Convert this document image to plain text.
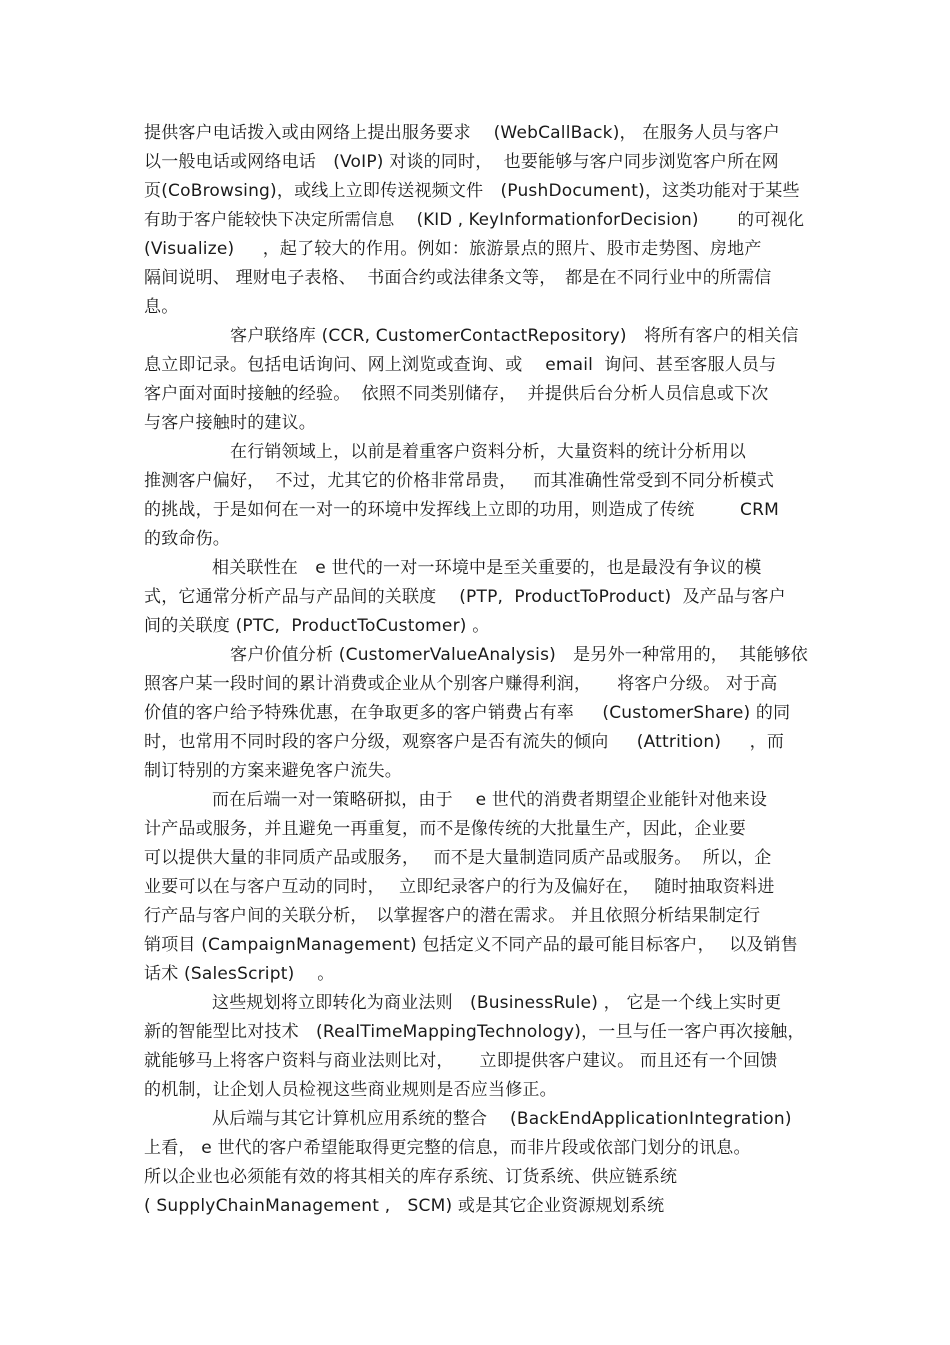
提供客户电话拨入或由网络上提出服务要求　 (WebCallBack)， 在服务人员与客户
以一般电话或网络电话　(VoIP) 对谈的同时，  也要能够与客户同步浏览客户所在网
页(CoBrowsing)，或线上立即传送视频文件　(PushDocument)，这类功能对于某些
有助于客户能较快下决定所需信息　 (KID , KeyInformationforDecision)　　 的可视化
(Visualize)　  ，起了较大的作用。例如：旅游景点的照片、股市走势图、房地产
隔间说明、 理财电子表格、  书面合约或法律条文等，　都是在不同行业中的所需信
息。
客户联络库 (CCR, CustomerContactRepository)　将所有客户的相关信
息立即记录。包括电话询问、网上浏览或查询、或　 email  询问、甚至客服人员与
客户面对面时接触的经验。  依照不同类别储存，  并提供后台分析人员信息或下次
与客户接触时的建议。
在行销领域上，以前是着重客户资料分析，大量资料的统计分析用以
推测客户偏好，  不过，尤其它的价格非常昂贵，   而其准确性常受到不同分析模式
的挑战，于是如何在一对一的环境中发挥线上立即的功用，则造成了传统　　  CRM
的致命伤。
相关联性在　e 世代的一对一环境中是至关重要的，也是最没有争议的模
式，它通常分析产品与产品间的关联度　 (PTP,  ProductToProduct)  及产品与客户
间的关联度 (PTC,  ProductToCustomer) 。
客户价值分析 (CustomerValueAnalysis)　是另外一种常用的，  其能够依
照客户某一段时间的累计消费或企业从个别客户赚得利润，　　将客户分级。 对于高
价值的客户给予特殊优惠，在争取更多的客户销费占有率　  (CustomerShare) 的同
时，也常用不同时段的客户分级，观察客户是否有流失的倾向　  (Attrition)　  ，而
制订特别的方案来避免客户流失。
而在后端一对一策略研拟，由于　 e 世代的消费者期望企业能针对他来设
计产品或服务，并且避免一再重复，而不是像传统的大批量生产，因此，企业要
可以提供大量的非同质产品或服务，　 而不是大量制造同质产品或服务。  所以，企
业要可以在与客户互动的同时，　 立即纪录客户的行为及偏好在，　 随时抽取资料进
行产品与客户间的关联分析，　以掌握客户的潜在需求。 并且依照分析结果制定行
销项目 (CampaignManagement) 包括定义不同产品的最可能目标客户，　 以及销售
话术 (SalesScript)　 。
这些规划将立即转化为商业法则　(BusinessRule) ， 它是一个线上实时更
新的智能型比对技术　(RealTimeMappingTechnology)，一旦与任一客户再次接触，
就能够马上将客户资料与商业法则比对，　　立即提供客户建议。 而且还有一个回馈
的机制，让企划人员检视这些商业规则是否应当修正。
从后端与其它计算机应用系统的整合　 (BackEndApplicationIntegration)
上看， e 世代的客户希望能取得更完整的信息，而非片段或依部门划分的讯息。
所以企业也必须能有效的将其相关的库存系统、订货系统、供应链系统
( SupplyChainManagement ,　SCM) 或是其它企业资源规划系统
